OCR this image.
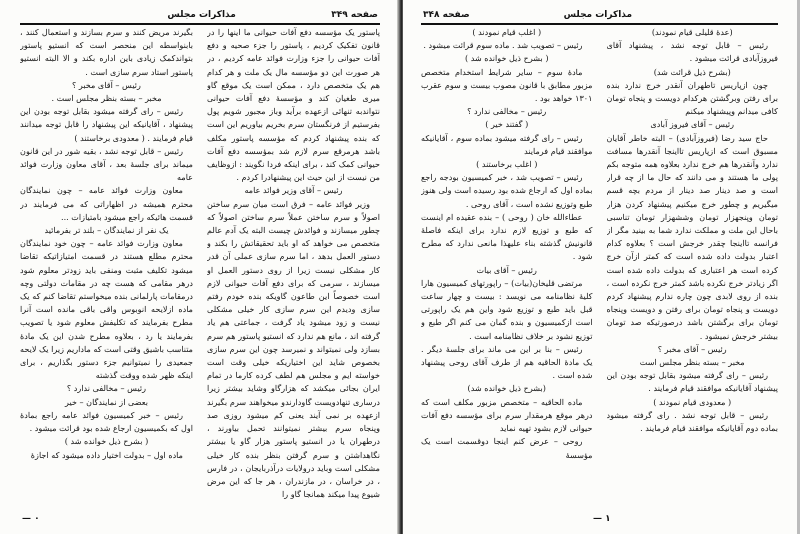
صفحه ۳۴۹
مذاکرات مجلس

پاستور یک مؤسسه دفع آفات حیوانی ما اینها را در قانون تفکیک کردیم ، پاستور را جزء صحیه و دفع آفات حیوانی را جزء وزارت فوائد عامه کردیم ، در هر صورت این دو مؤسسه مال یک ملت و هر کدام هم یک متخصص دارد ، ممکن است یک موقع گاو میری طغیان کند و مؤسسهٔ دفع آفات حیوانی نتواندبه تنهائی ازعهده برآید وباز مجبور شویم پول بفرستیم از فرنگستان سرم بخریم بیاوریم این است که بنده پیشنهاد کردم که مؤسسه پاستور مکلف باشد هرمرقع سرم لازم شد بمؤسسه دفع آفات حیوانی کمک کند ، برای اینکه فردا نگویند : ازوظایف من نیست از این حیث این پیشنهادرا کردم .

رئیس – آقای وزیر فوائد عامه

وزیر فوائد عامه – فرق است میان سرم ساختن اصولاً و سرم ساختن عملاً سرم ساختن اصولاً که چطور میسازند و فوائدش چیست البته یک آدم عالم متخصص می خواهد که او باید تحقیقاتش را بکند و دستور العمل بدهد ، اما سرم سازی عملی آن قدر کار مشکلی نیست زیرا از روی دستور العمل او میسازند ، سرمی که برای دفع آفات حیوانی لازم است خصوصاً این طاعون گاویکه بنده خودم رفتم سازی ودیدم این سرم سازی کار خیلی مشکلی نیست و زود میشود یاد گرفت ، جماعتی هم یاد گرفته اند ، مانع هم ندارد که انستیو پاستور هم سرم بسازد ولی نمیتواند و نمیرسد چون این سرم سازی بخصوص شاید این اختیاریکه خیلی وقت است خواسته ایم و مجلس هم لطف کرده کارما در تمام ایران بجائی میکشد که هزارگاو وشاید بیشتر زیرا درساری تنهادویست گاودارندو میخواهند سرم بگیرند ازعهده بر نمی آیند یعنی کم میشود روزی صد وپنجاه سرم بیشتر نمیتوانند تحمل بیاورند ، درطهران یا در انستیو پاستور هزار گاو یا بیشتر نگاهداشتن و سرم گرفتن بنظر بنده کار خیلی مشکلی است وباید درولایات درآذربایجان ، در فارس ، در خراسان ، در مازندران ، هر جا که این مرض شیوع پیدا میکند همانجا گاو را

بگیرند مریض کنند و سرم بسازند و استعمال کنند ، بابنواسطه این منحصر است که انستیو پاستور بتواندکمک زیادی باین اداره بکند و الا البته انستیو پاستور استاد سرم سازی است .

رئیس – آقای مخبر ؟

مخبر – بسته بنظر مجلس است .

رئیس – رای گرفته میشود بقابل توجه بودن این پیشنهاد ، آقایانیکه این پیشنهاد را قابل توجه میدانند قیام فرمایند . ( معدودی برخاستند )

رئیس – قابل توجه نشد ، بقیه شور در این قانون میماند برای جلسهٔ بعد ، آقای معاون وزارت فوائد عامه

معاون وزارت فوائد عامه – چون نمایندگان محترم همیشه در اظهاراتی که می فرمایند در قسمت هائیکه راجع میشود بامتیازات ...

یک نفر از نمایندگان – بلند تر بفرمائید

معاون وزارت فوائد عامه – چون خود نمایندگان محترم مطلع هستند در قسمت امتیازاتیکه تقاضا میشود تکلیف مثبت ومنفی باید زودتر معلوم شود درهر مقامی که هست چه در مقامات دولتی وچه درمقامات پارلمانی بنده میخواستم تقاضا کنم که یک ماده ازلایحه انوبوس واقی باقی مانده است آنرا مطرح بفرمایند که تکلیفش معلوم شود یا تصویب بفرمایند یا رد ، بعلاوه مطرح شدن این یک مادهٔ متناسب باشیق وقتی است که ماداریم زیرا یک لایحه جمعیدی را نمیتوانیم جزء دستور بگذاریم ، برای اینکه ظهر شده ووقت گذشته

رئیس – مخالفی ندارد ؟

بعضی از نمایندگان – خیر

رئیس – خبر کمیسیون فوائد عامه راجع بمادهٔ اول که بکمیسیون ارجاع شده بود قرائت میشود .

( بشرح ذیل خوانده شد )

ماده اول – بدولت اختیار داده میشود که اجازهٔ

— ۰
مذاکرات مجلس
صفحه ۳۴۸

(عدهٔ قلیلی قیام نمودند)

رئیس – قابل توجه نشد ، پیشنهاد آقای فیروزآبادی قرائت میشود .

(بشرح ذیل قرائت شد)

چون ازپاریس تاطهران آنقدر خرج ندارد بنده برای رفتن وبرگشتن هرکدام دویست و پنجاه تومان کافی میدانم وپیشنهاد میکنم

رئیس – آقای فیروز آبادی

حاج سید رضا (فیروزآبادی) – البته خاطر آقایان مسبوق است که ازپاریس تااینجا آنقدرها مسافت ندارد وآنقدرها هم خرج ندارد بعلاوه همه متوجه بکم پولی ما هستند و می دانند که حال ما از چه قرار است و صد دینار صد دینار از مردم بچه قسم میگیریم و چطور خرج میکنیم پیشنهاد کردن هزار تومان وپنجهزار تومان وششهزار تومان تناسبی باحال این ملت و مملکت ندارد شما به بینید مگر از فرانسه تااینجا چقدر خرجش است ؟ بعلاوه کدام اعتبار بدولت داده شده است که کمتر ازآن خرج کرده است هر اعتباری که بدولت داده شده است اگر زیادتر خرج نکرده باشد کمتر خرج نکرده است ، بنده از روی لابدی چون چاره ندارم پیشنهاد کردم دویست و پنجاه تومان برای رفتن و دویست وپنجاه تومان برای برگشتن باشد درصورتیکه صد تومان بیشتر خرجش نمیشود .

رئیس – آقای مخبر ؟

مخبر – بسته بنظر مجلس است

رئیس – رای گرفته میشود بقابل توجه بودن این پیشنهاد آقایانیکه موافقند قیام فرمایند .

( معدودی قیام نمودند )

رئیس – قابل توجه نشد . رای گرفته میشود بماده دوم آقایانیکه موافقند قیام فرمایند .

( اغلب قیام نمودند )

رئیس – تصویب شد . ماده سوم قرائت میشود .

( بشرح ذیل خوانده شد )

مادهٔ سوم – سایر شرایط استخدام متخصص مزبور مطابق با قانون مصوب بیست و سوم عقرب ۱۳۰۱ خواهد بود .

رئیس – مخالفی ندارد ؟

( گفتند خیر )

رئیس – رای گرفته میشود بماده سوم ، آقایانیکه موافقند قیام فرمایند

( اغلب برخاستند )

رئیس – تصویب شد ، خبر کمیسیون بودجه راجع بماده اول که ارجاع شده بود رسیده است ولی هنوز طبع وتوزیع نشده است ، آقای روحی .

عطاءالله خان ( روحی ) – بنده عقیده ام اینست که طبع و توزیع لازم ندارد برای اینکه فاصلهٔ قانونیش گذشته بناء علیهذا مانعی ندارد که مطرح شود .

رئیس – آقای بیات

مرتضی قلیخان(بیات) – راپورتهای کمیسیون هارا کلیهٔ نظامنامه می نویسد : بیست و چهار ساعت قبل باید طبع و توزیع شود واین هم یک راپورتی است ازکمیسیون و بنده گمان می کنم اگر طبع و توزیع نشود بر خلاف نظامنامه است .

رئیس – بنا بر این می ماند برای جلسهٔ دیگر . یک مادهٔ الحاقیه هم از طرف آقای روحی پیشنهاد شده است .

(بشرح ذیل خوانده شد)

ماده الحاقیه – متخصص مزبور مکلف است که درهر موقع هرمقدار سرم برای مؤسسه دفع آفات حیوانی لازم بشود تهیه نماید

روحی – عرض کنم اینجا دوقسمت است یک مؤسسهٔ

— ۱
